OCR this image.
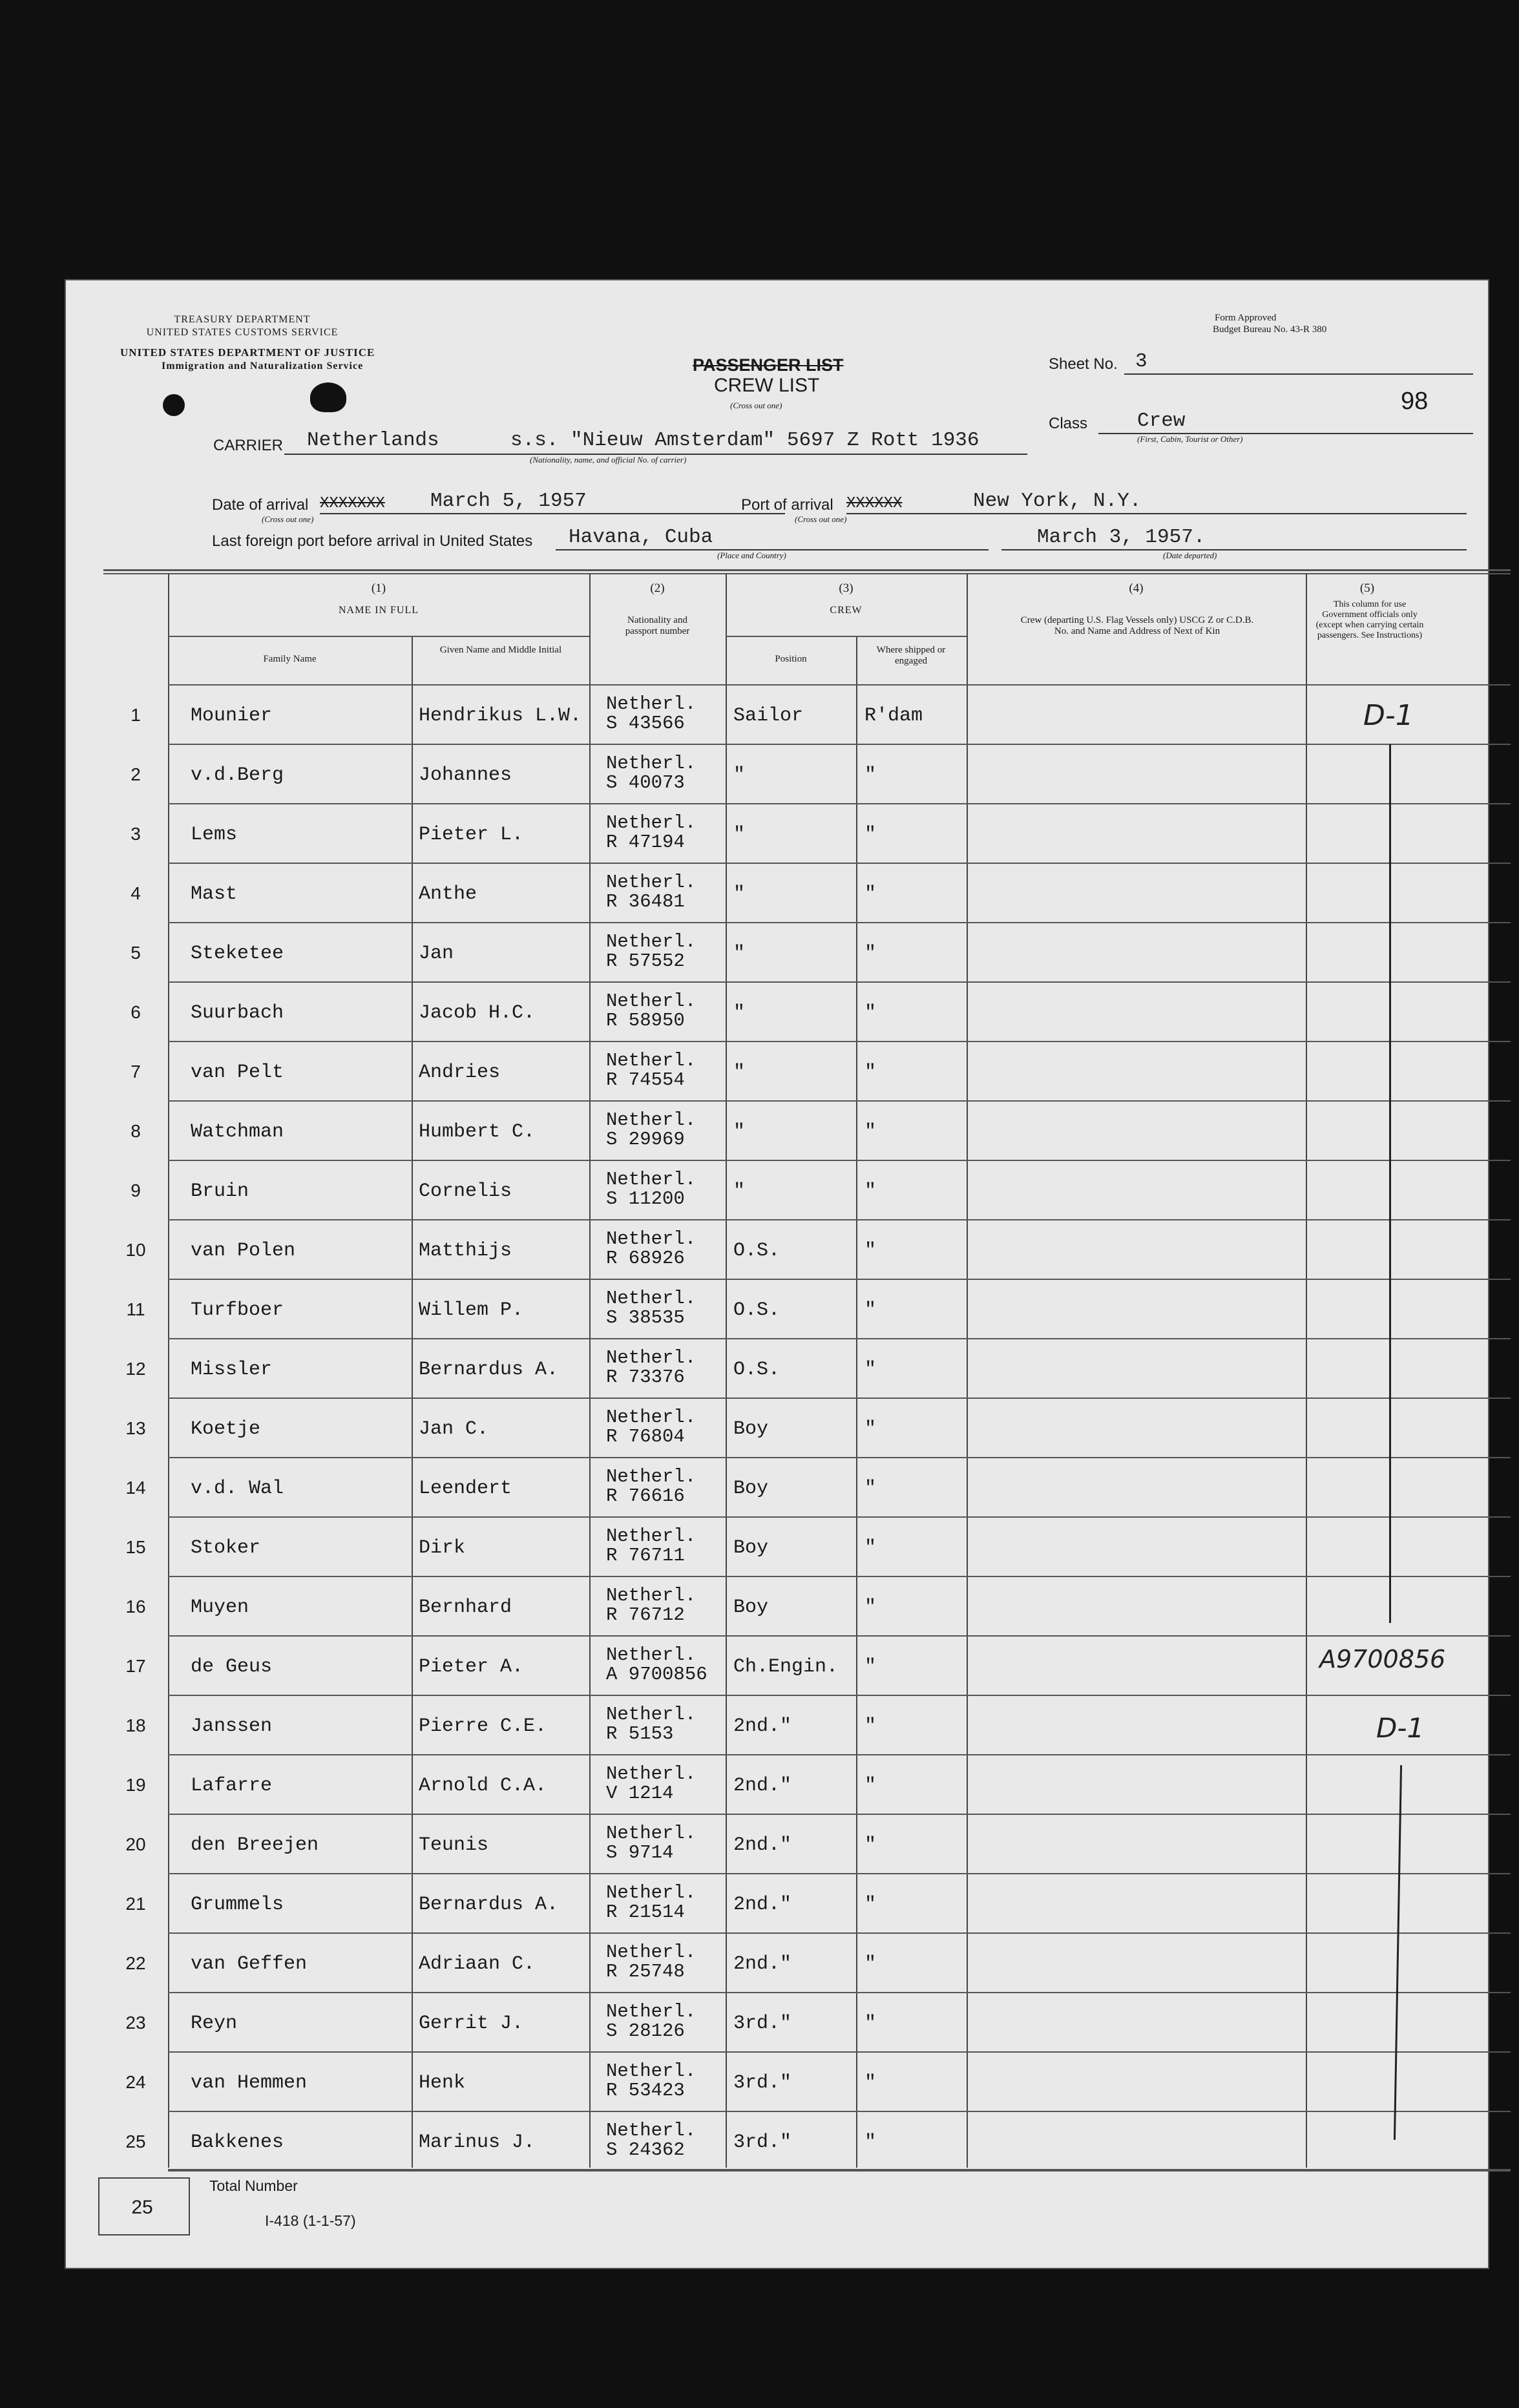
TREASURY DEPARTMENT
UNITED STATES CUSTOMS SERVICE
UNITED STATES DEPARTMENT OF JUSTICE
Immigration and Naturalization Service
Form Approved
Budget Bureau No. 43-R 380
PASSENGER LIST
CREW LIST
(Cross out one)
Sheet No. 3
98
Class Crew
(First, Cabin, Tourist or Other)
CARRIER Netherlands	s.s. "Nieuw Amsterdam" 5697 Z Rott 1936
(Nationality, name, and official No. of carrier)
Date of arrival XXXXXXX
(Cross out one)
March 5, 1957	Port of arrival XXXXXX
(Cross out one)
New York, N.Y.
Last foreign port before arrival in United States Havana, Cuba
(Place and Country)
March 3, 1957.
(Date departed)
(1)
NAME IN FULL
Family Name
Given Name and Middle Initial
(2)
Nationality and passport number
(3)
CREW
Position
Where shipped or engaged
(4)
Crew (departing U.S. Flag Vessels only) USCG Z or C.D.B. No. and Name and Address of Next of Kin
(5)
This column for use Government officials only (except when carrying certain passengers. See Instructions)
1	Mounier	Hendrikus L.W.
Netherl.
S 43566	Sailor	R'dam
2	v.d.Berg	Johannes
Netherl.
S 40073	"	"
3	Lems	Pieter L.
Netherl.
R 47194	"	"
4	Mast	Anthe
Netherl.
R 36481	"	"
5	Steketee	Jan
Netherl.
R 57552	"	"
6	Suurbach	Jacob H.C.
Netherl.
R 58950	"	"
7	van Pelt	Andries
Netherl.
R 74554	"	"
8	Watchman	Humbert C.
Netherl.
S 29969	"	"
9	Bruin	Cornelis
Netherl.
S 11200	"	"
10	van Polen	Matthijs
Netherl.
R 68926	O.S.	"
11	Turfboer	Willem P.
Netherl.
S 38535	O.S.	"
12	Missler	Bernardus A.
Netherl.
R 73376	O.S.	"
13	Koetje	Jan C.
Netherl.
R 76804	Boy	"
14	v.d. Wal	Leendert
Netherl.
R 76616	Boy	"
15	Stoker	Dirk
Netherl.
R 76711	Boy	"
16	Muyen	Bernhard
Netherl.
R 76712	Boy	"
17	de Geus	Pieter A.
Netherl.
A 9700856 Ch.Engin. "
18	Janssen	Pierre C.E.
Netherl.
R 5153	2nd."	"
19	Lafarre	Arnold C.A.
Netherl.
V 1214	2nd."	"
20	den Breejen	Teunis
Netherl.
S 9714	2nd."	"
21	Grummels	Bernardus A.
Netherl.
R 21514	2nd."	"
22	van Geffen	Adriaan C.
Netherl.
R 25748	2nd."	"
23	Reyn	Gerrit J.
Netherl.
S 28126	3rd."	"
24	van Hemmen	Henk
Netherl.
R 53423	3rd."	"
25	Bakkenes	Marinus J.
Netherl.
S 24362	3rd."	"
D-1
A9700856
D-1
25
Total Number
I-418 (1-1-57)
